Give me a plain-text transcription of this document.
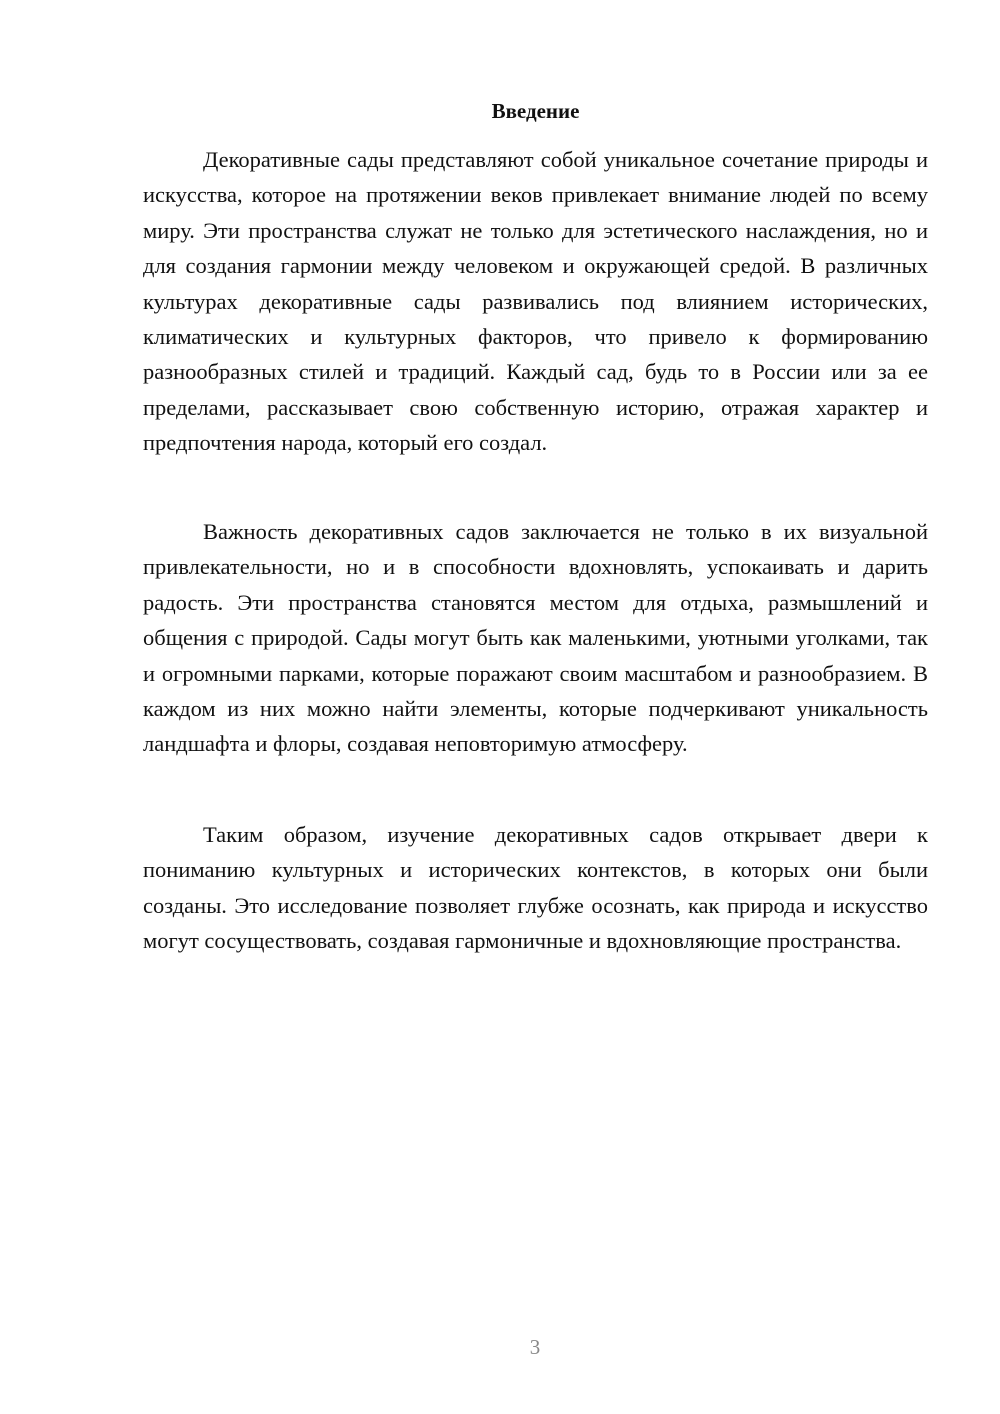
Введение

Декоративные сады представляют собой уникальное сочетание природы и искусства, которое на протяжении веков привлекает внимание людей по всему миру. Эти пространства служат не только для эстетического наслаждения, но и для создания гармонии между человеком и окружающей средой. В различных культурах декоративные сады развивались под влиянием исторических, климатических и культурных факторов, что привело к формированию разнообразных стилей и традиций. Каждый сад, будь то в России или за ее пределами, рассказывает свою собственную историю, отражая характер и предпочтения народа, который его создал.

Важность декоративных садов заключается не только в их визуальной привлекательности, но и в способности вдохновлять, успокаивать и дарить радость. Эти пространства становятся местом для отдыха, размышлений и общения с природой. Сады могут быть как маленькими, уютными уголками, так и огромными парками, которые поражают своим масштабом и разнообразием. В каждом из них можно найти элементы, которые подчеркивают уникальность ландшафта и флоры, создавая неповторимую атмосферу.

Таким образом, изучение декоративных садов открывает двери к пониманию культурных и исторических контекстов, в которых они были созданы. Это исследование позволяет глубже осознать, как природа и искусство могут сосуществовать, создавая гармоничные и вдохновляющие пространства.

3
